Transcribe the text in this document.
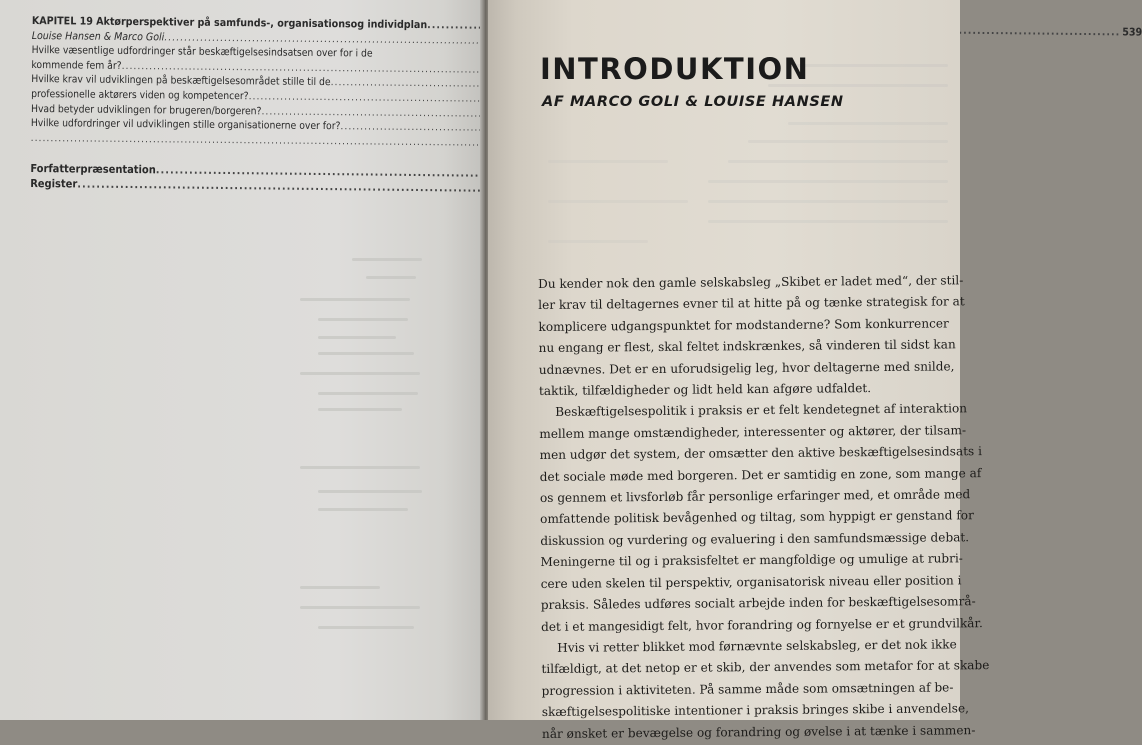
KAPITEL 19 Aktørperspektiver på samfunds-, organisationsog individplan
.....
539
Louise Hansen & Marco Goli
.....
Hvilke væsentlige udfordringer står beskæftigelsesindsatsen over for i de
kommende fem år?
.....
Hvilke krav vil udviklingen på beskæftigelsesområdet stille til de
.....
professionelle aktørers viden og kompetencer?
.....
Hvad betyder udviklingen for brugeren/borgeren?
.....
Hvilke udfordringer vil udviklingen stille organisationerne over for?
.....
.....
Forfatterpræsentation
.....
Register
.....
INTRODUKTION
AF MARCO GOLI & LOUISE HANSEN
Du kender nok den gamle selskabsleg „Skibet er ladet med“, der stil-
ler krav til deltagernes evner til at hitte på og tænke strategisk for at
komplicere udgangspunktet for modstanderne? Som konkurrencer
nu engang er flest, skal feltet indskrænkes, så vinderen til sidst kan
udnævnes. Det er en uforudsigelig leg, hvor deltagerne med snilde,
taktik, tilfældigheder og lidt held kan afgøre udfaldet.
Beskæftigelsespolitik i praksis er et felt kendetegnet af interaktion
mellem mange omstændigheder, interessenter og aktører, der tilsam-
men udgør det system, der omsætter den aktive beskæftigelsesindsats i
det sociale møde med borgeren. Det er samtidig en zone, som mange af
os gennem et livsforløb får personlige erfaringer med, et område med
omfattende politisk bevågenhed og tiltag, som hyppigt er genstand for
diskussion og vurdering og evaluering i den samfundsmæssige debat.
Meningerne til og i praksisfeltet er mangfoldige og umulige at rubri-
cere uden skelen til perspektiv, organisatorisk niveau eller position i
praksis. Således udføres socialt arbejde inden for beskæftigelsesområ-
det i et mangesidigt felt, hvor forandring og fornyelse er et grundvilkår.
Hvis vi retter blikket mod førnævnte selskabsleg, er det nok ikke
tilfældigt, at det netop er et skib, der anvendes som metafor for at skabe
progression i aktiviteten. På samme måde som omsætningen af be-
skæftigelsespolitiske intentioner i praksis bringes skibe i anvendelse,
når ønsket er bevægelse og forandring og øvelse i at tænke i sammen-
